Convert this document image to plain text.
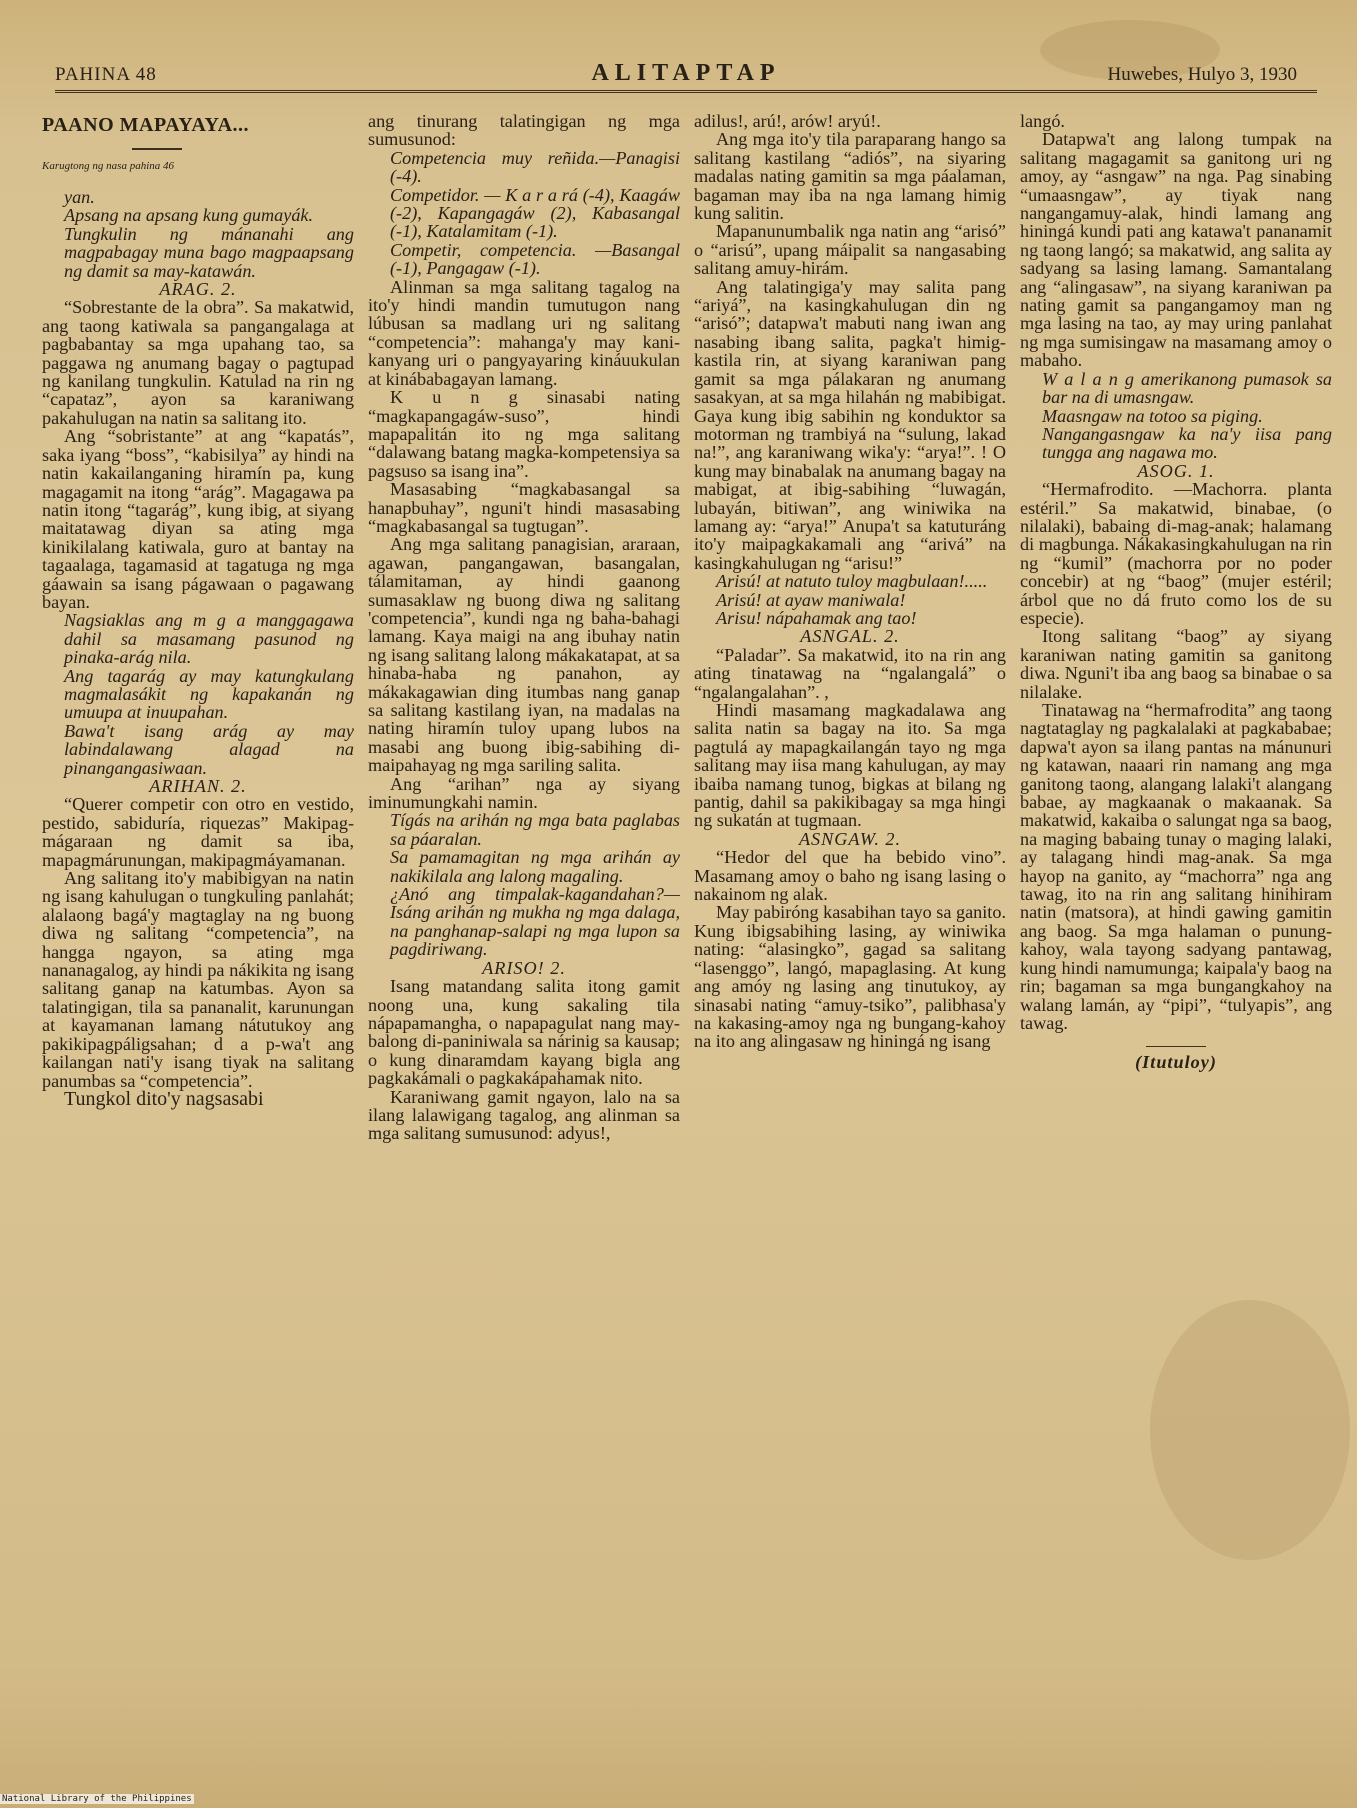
PAHINA 48	ALITAPTAP	Huwebes, Hulyo 3, 1930
PAANO MAPAYAYA...

Karugtong ng nasa pahina 46

yan.

Apsang na apsang kung gumayák.

Tungkulin ng mánanahi ang magpabagay muna bago magpaapsang ng damit sa may-katawán.

ARAG. 2.

“Sobrestante de la obra”. Sa makatwid, ang taong katiwala sa pangangalaga at pagbabantay sa mga upahang tao, sa paggawa ng anumang bagay o pagtupad ng kanilang tungkulin. Katulad na rin ng “capataz”, ayon sa karaniwang pakahulugan na natin sa salitang ito.

Ang “sobristante” at ang “kapatás”, saka iyang “boss”, “kabisilya” ay hindi na natin kakailanganing hiramín pa, kung magagamit na itong “arág”. Magagawa pa natin itong “tagarág”, kung ibig, at siyang maitatawag diyan sa ating mga kinikilalang katiwala, guro at bantay na tagaalaga, tagamasid at tagatuga ng mga gáawain sa isang págawaan o pagawang bayan.

Nagsiaklas ang m g a manggagawa dahil sa masamang pasunod ng pinaka-arág nila.

Ang tagarág ay may katungkulang magmalasákit ng kapakanán ng umuupa at inuupahan.

Bawa't isang arág ay may labindalawang alagad na pinangangasiwaan.

ARIHAN. 2.

“Querer competir con otro en vestido, pestido, sabiduría, riquezas” Makipag-mágaraan ng damit sa iba, mapagmárunungan, makipagmáyamanan.

Ang salitang ito'y mabibigyan na natin ng isang kahulugan o tungkuling panlahát; alalaong bagá'y magtaglay na ng buong diwa ng salitang “competencia”, na hangga ngayon, sa ating mga nananagalog, ay hindi pa nákikita ng isang salitang ganap na katumbas. Ayon sa talatingigan, tila sa pananalit, karunungan at kayamanan lamang nátutukoy ang pakikipagpáligsahan; d a p-wa't ang kailangan nati'y isang tiyak na salitang panumbas sa “competencia”.

Tungkol dito'y nagsasabi

ang tinurang talatingigan ng mga sumusunod:

Competencia muy reñida.—Panagisi (-4).

Competidor. — K a r a rá (-4), Kaagáw (-2), Kapangagáw (2), Kabasangal (-1), Katalamitam (-1).

Competir, competencia. —Basangal (-1), Pangagaw (-1).

Alinman sa mga salitang tagalog na ito'y hindi mandin tumutugon nang lúbusan sa madlang uri ng salitang “competencia”: mahanga'y may kani-kanyang uri o pangyayaring kináuukulan at kinábabagayan lamang.

K u n g sinasabi nating “magkapangagáw-suso”, hindi mapapalitán ito ng mga salitang “dalawang batang magka-kompetensiya sa pagsuso sa isang ina”.

Masasabing “magkabasangal sa hanapbuhay”, nguni't hindi masasabing “magkabasangal sa tugtugan”.

Ang mga salitang panagisian, araraan, agawan, pangangawan, basangalan, tálamitaman, ay hindi gaanong sumasaklaw ng buong diwa ng salitang 'competencia”, kundi nga ng baha-bahagi lamang. Kaya maigi na ang ibuhay natin ng isang salitang lalong mákakatapat, at sa hinaba-haba ng panahon, ay mákakagawian ding itumbas nang ganap sa salitang kastilang iyan, na madalas na nating hiramín tuloy upang lubos na masabi ang buong ibig-sabihing di-maipahayag ng mga sariling salita.

Ang “arihan” nga ay siyang iminumungkahi namin.

Tígás na arihán ng mga bata paglabas sa páaralan.

Sa pamamagitan ng mga arihán ay nakikilala ang lalong magaling.

¿Anó ang timpalak-kagandahan?—Isáng arihán ng mukha ng mga dalaga, na panghanap-salapi ng mga lupon sa pagdiriwang.

ARISO! 2.

Isang matandang salita itong gamit noong una, kung sakaling tila nápapamangha, o napapagulat nang may-balong di-paniniwala sa nárinig sa kausap; o kung dinaramdam kayang bigla ang pagkakámali o pagkakápahamak nito.

Karaniwang gamit ngayon, lalo na sa ilang lalawigang tagalog, ang alinman sa mga salitang sumusunod: adyus!,

adilus!, arú!, arów! aryú!.

Ang mga ito'y tila paraparang hango sa salitang kastilang “adiós”, na siyaring madalas nating gamitin sa mga páalaman, bagaman may iba na nga lamang himig kung salitin.

Mapanunumbalik nga natin ang “arisó” o “arisú”, upang máipalit sa nangasabing salitang amuy-hirám.

Ang talatingiga'y may salita pang “ariyá”, na kasingkahulugan din ng “arisó”; datapwa't mabuti nang iwan ang nasabing ibang salita, pagka't himig-kastila rin, at siyang karaniwan pang gamit sa mga pálakaran ng anumang sasakyan, at sa mga hilahán ng mabibigat. Gaya kung ibig sabihin ng konduktor sa motorman ng trambiyá na “sulung, lakad na!”, ang karaniwang wika'y: “arya!”. ! O kung may binabalak na anumang bagay na mabigat, at ibig-sabihing “luwagán, lubayán, bitiwan”, ang winiwika na lamang ay: “arya!” Anupa't sa katuturáng ito'y maipagkakamali ang “arivá” na kasingkahulugan ng “arisu!”

Arisú! at natuto tuloy magbulaan!.....

Arisú! at ayaw maniwala!

Arisu! nápahamak ang tao!

ASNGAL. 2.

“Paladar”. Sa makatwid, ito na rin ang ating tinatawag na “ngalangalá” o “ngalangalahan”. ,

Hindi masamang magkadalawa ang salita natin sa bagay na ito. Sa mga pagtulá ay mapagkailangán tayo ng mga salitang may iisa mang kahulugan, ay may ibaiba namang tunog, bigkas at bilang ng pantig, dahil sa pakikibagay sa mga hingi ng sukatán at tugmaan.

ASNGAW. 2.

“Hedor del que ha bebido vino”. Masamang amoy o baho ng isang lasing o nakainom ng alak.

May pabiróng kasabihan tayo sa ganito. Kung ibigsabihing lasing, ay winiwika nating: “alasingko”, gagad sa salitang “lasenggo”, langó, mapaglasing. At kung ang amóy ng lasing ang tinutukoy, ay sinasabi nating “amuy-tsiko”, palibhasa'y na kakasing-amoy nga ng bungang-kahoy na ito ang alingasaw ng hiningá ng isang

langó.

Datapwa't ang lalong tumpak na salitang magagamit sa ganitong uri ng amoy, ay “asngaw” na nga. Pag sinabing “umaasngaw”, ay tiyak nang nangangamuy-alak, hindi lamang ang hiningá kundi pati ang katawa't pananamit ng taong langó; sa makatwid, ang salita ay sadyang sa lasing lamang. Samantalang ang “alingasaw”, na siyang karaniwan pa nating gamit sa pangangamoy man ng mga lasing na tao, ay may uring panlahat ng mga sumisingaw na masamang amoy o mabaho.

W a l a n g amerikanong pumasok sa bar na di umasngaw.

Maasngaw na totoo sa piging.

Nangangasngaw ka na'y iisa pang tungga ang nagawa mo.

ASOG. 1.

“Hermafrodito. —Machorra. planta estéril.” Sa makatwid, binabae, (o nilalaki), babaing di-mag-anak; halamang di magbunga. Nákakasingkahulugan na rin ng “kumil” (machorra por no poder concebir) at ng “baog” (mujer estéril; árbol que no dá fruto como los de su especie).

Itong salitang “baog” ay siyang karaniwan nating gamitin sa ganitong diwa. Nguni't iba ang baog sa binabae o sa nilalake.

Tinatawag na “hermafrodita” ang taong nagtataglay ng pagkalalaki at pagkababae; dapwa't ayon sa ilang pantas na mánunuri ng katawan, naaari rin namang ang mga ganitong taong, alangang lalaki't alangang babae, ay magkaanak o makaanak. Sa makatwid, kakaiba o salungat nga sa baog, na maging babaing tunay o maging lalaki, ay talagang hindi mag-anak. Sa mga hayop na ganito, ay “machorra” nga ang tawag, ito na rin ang salitang hinihiram natin (matsora), at hindi gawing gamitin ang baog. Sa mga halaman o punung-kahoy, wala tayong sadyang pantawag, kung hindi namumunga; kaipala'y baog na rin; bagaman sa mga bungangkahoy na walang lamán, ay “pipi”, “tulyapis”, ang tawag.

(Itutuloy)

National Library of the Philippines
